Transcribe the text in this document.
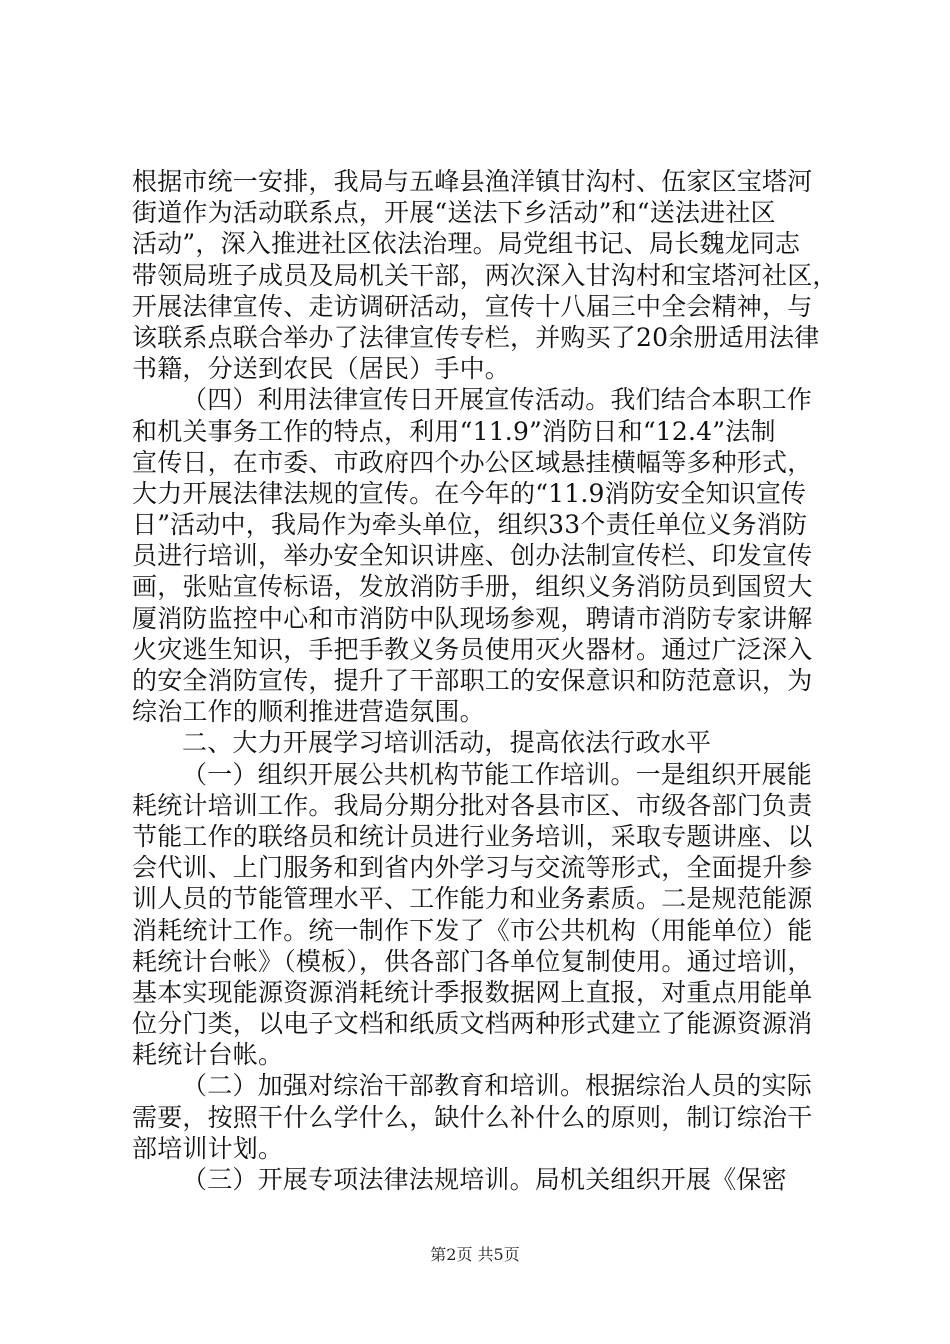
根据市统一安排，我局与五峰县渔洋镇甘沟村、伍家区宝塔河
街道作为活动联系点，开展“送法下乡活动”和“送法进社区
活动”，深入推进社区依法治理。局党组书记、局长魏龙同志
带领局班子成员及局机关干部，两次深入甘沟村和宝塔河社区，
开展法律宣传、走访调研活动，宣传十八届三中全会精神，与
该联系点联合举办了法律宣传专栏，并购买了20余册适用法律
书籍，分送到农民（居民）手中。
（四）利用法律宣传日开展宣传活动。我们结合本职工作
和机关事务工作的特点，利用“11.9”消防日和“12.4”法制
宣传日，在市委、市政府四个办公区域悬挂横幅等多种形式，
大力开展法律法规的宣传。在今年的“11.9消防安全知识宣传
日”活动中，我局作为牵头单位，组织33个责任单位义务消防
员进行培训，举办安全知识讲座、创办法制宣传栏、印发宣传
画，张贴宣传标语，发放消防手册，组织义务消防员到国贸大
厦消防监控中心和市消防中队现场参观，聘请市消防专家讲解
火灾逃生知识，手把手教义务员使用灭火器材。通过广泛深入
的安全消防宣传，提升了干部职工的安保意识和防范意识，为
综治工作的顺利推进营造氛围。
二、大力开展学习培训活动，提高依法行政水平
（一）组织开展公共机构节能工作培训。一是组织开展能
耗统计培训工作。我局分期分批对各县市区、市级各部门负责
节能工作的联络员和统计员进行业务培训，采取专题讲座、以
会代训、上门服务和到省内外学习与交流等形式，全面提升参
训人员的节能管理水平、工作能力和业务素质。二是规范能源
消耗统计工作。统一制作下发了《市公共机构（用能单位）能
耗统计台帐》（模板），供各部门各单位复制使用。通过培训，
基本实现能源资源消耗统计季报数据网上直报，对重点用能单
位分门类，以电子文档和纸质文档两种形式建立了能源资源消
耗统计台帐。
（二）加强对综治干部教育和培训。根据综治人员的实际
需要，按照干什么学什么，缺什么补什么的原则，制订综治干
部培训计划。
（三）开展专项法律法规培训。局机关组织开展《保密
第2页 共5页
